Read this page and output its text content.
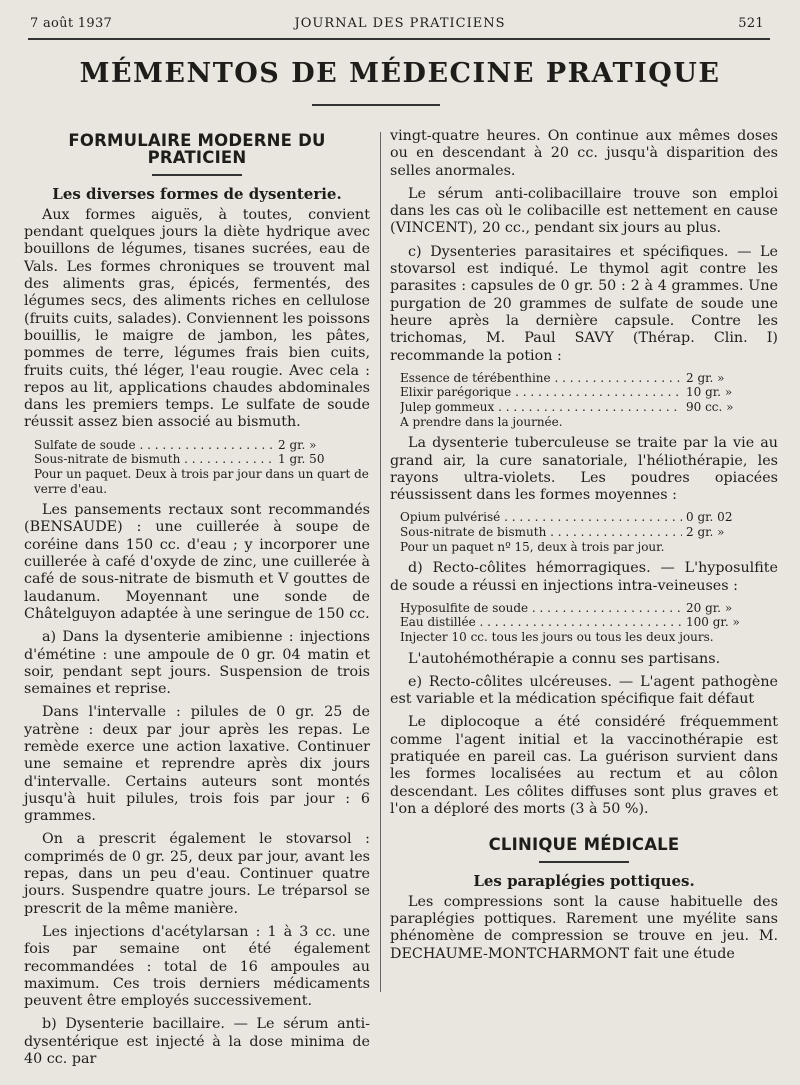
7 août 1937	JOURNAL DES PRATICIENS	521
MÉMENTOS DE MÉDECINE PRATIQUE
FORMULAIRE MODERNE DU PRATICIEN
Les diverses formes de dysenterie.

Aux formes aiguës, à toutes, convient pendant quelques jours la diète hydrique avec bouillons de légumes, tisanes sucrées, eau de Vals. Les formes chroniques se trouvent mal des aliments gras, épicés, fermentés, des légumes secs, des aliments riches en cellulose (fruits cuits, salades). Conviennent les poissons bouillis, le maigre de jambon, les pâtes, pommes de terre, légumes frais bien cuits, fruits cuits, thé léger, l'eau rougie. Avec cela : repos au lit, applications chaudes abdominales dans les premiers temps. Le sulfate de soude réussit assez bien associé au bismuth.

Sulfate de soude . . .	2 gr. »
Sous-nitrate de bismuth . . .	1 gr. 50
Pour un paquet. Deux à trois par jour dans un quart de verre d'eau.

Les pansements rectaux sont recommandés (BENSAUDE) : une cuillerée à soupe de coréine dans 150 cc. d'eau ; y incorporer une cuillerée à café d'oxyde de zinc, une cuillerée à café de sous-nitrate de bismuth et V gouttes de laudanum. Moyennant une sonde de Châtelguyon adaptée à une seringue de 150 cc.

a) Dans la dysenterie amibienne : injections d'émétine : une ampoule de 0 gr. 04 matin et soir, pendant sept jours. Suspension de trois semaines et reprise.

Dans l'intervalle : pilules de 0 gr. 25 de yatrène : deux par jour après les repas. Le remède exerce une action laxative. Continuer une semaine et reprendre après dix jours d'intervalle. Certains auteurs sont montés jusqu'à huit pilules, trois fois par jour : 6 grammes.

On a prescrit également le stovarsol : comprimés de 0 gr. 25, deux par jour, avant les repas, dans un peu d'eau. Continuer quatre jours. Suspendre quatre jours. Le tréparsol se prescrit de la même manière.

Les injections d'acétylarsan : 1 à 3 cc. une fois par semaine ont été également recommandées : total de 16 ampoules au maximum. Ces trois derniers médicaments peuvent être employés successivement.

b) Dysenterie bacillaire. — Le sérum anti-dysentérique est injecté à la dose minima de 40 cc. par

vingt-quatre heures. On continue aux mêmes doses ou en descendant à 20 cc. jusqu'à disparition des selles anormales.

Le sérum anti-colibacillaire trouve son emploi dans les cas où le colibacille est nettement en cause (VINCENT), 20 cc., pendant six jours au plus.

c) Dysenteries parasitaires et spécifiques. — Le stovarsol est indiqué. Le thymol agit contre les parasites : capsules de 0 gr. 50 : 2 à 4 grammes. Une purgation de 20 grammes de sulfate de soude une heure après la dernière capsule. Contre les trichomas, M. Paul SAVY (Thérap. Clin. I) recommande la potion :

Essence de térébenthine . . .	2 gr. »
Elixir parégorique . . .	10 gr. »
Julep gommeux . . .	90 cc. »
A prendre dans la journée.

La dysenterie tuberculeuse se traite par la vie au grand air, la cure sanatoriale, l'héliothérapie, les rayons ultra-violets. Les poudres opiacées réussissent dans les formes moyennes :

Opium pulvérisé . . .	0 gr. 02
Sous-nitrate de bismuth . . .	2 gr. »
Pour un paquet nº 15, deux à trois par jour.

d) Recto-côlites hémorragiques. — L'hyposulfite de soude a réussi en injections intra-veineuses :

Hyposulfite de soude . . .	20 gr. »
Eau distillée . . .	100 gr. »
Injecter 10 cc. tous les jours ou tous les deux jours.

L'autohémothérapie a connu ses partisans.

e) Recto-côlites ulcéreuses. — L'agent pathogène est variable et la médication spécifique fait défaut

Le diplocoque a été considéré fréquemment comme l'agent initial et la vaccinothérapie est pratiquée en pareil cas. La guérison survient dans les formes localisées au rectum et au côlon descendant. Les côlites diffuses sont plus graves et l'on a déploré des morts (3 à 50 %).

CLINIQUE MÉDICALE
Les paraplégies pottiques.

Les compressions sont la cause habituelle des paraplégies pottiques. Rarement une myélite sans phénomène de compression se trouve en jeu. M. DECHAUME-MONTCHARMONT fait une étude
